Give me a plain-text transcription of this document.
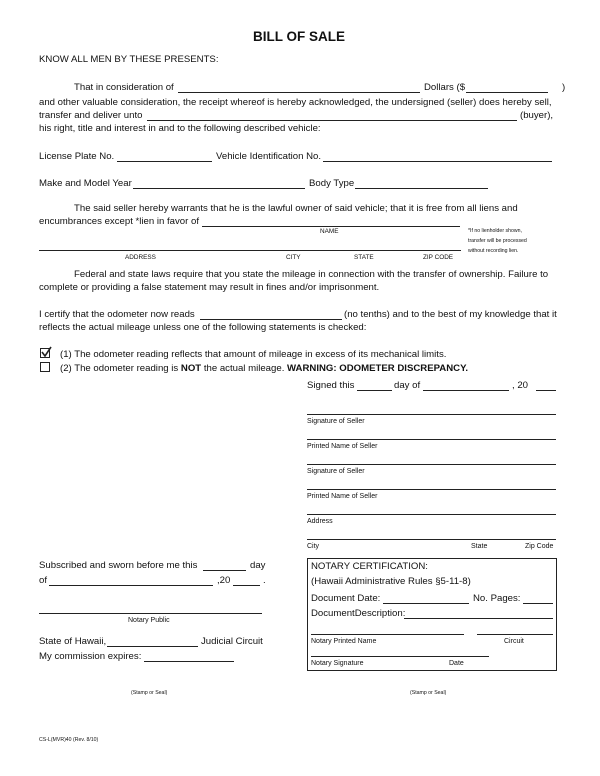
BILL OF SALE
KNOW ALL MEN BY THESE PRESENTS:
That in consideration of	Dollars ($	)
and other valuable consideration, the receipt whereof is hereby acknowledged, the undersigned (seller) does hereby sell,
transfer and deliver unto	(buyer),
his right, title and interest in and to the following described vehicle:
License Plate No.	Vehicle Identification No.
Make and Model Year	Body Type
The said seller hereby warrants that he is the lawful owner of said vehicle; that it is free from all liens and
encumbrances except *lien in favor of
NAME
ADDRESS	CITY	STATE	ZIP CODE
*If no lienholder shown,
transfer will be processed
without recording lien.
Federal and state laws require that you state the mileage in connection with the transfer of ownership. Failure to
complete or providing a false statement may result in fines and/or imprisonment.
I certify that the odometer now reads	(no tenths) and to the best of my knowledge that it
reflects the actual mileage unless one of the following statements is checked:
(1) The odometer reading reflects that amount of mileage in excess of its mechanical limits.
(2) The odometer reading is NOT the actual mileage. WARNING: ODOMETER DISCREPANCY.
Signed this	day of	, 20
Signature of Seller
Printed Name of Seller
Signature of Seller
Printed Name of Seller
Address
City	State	Zip Code
Subscribed and sworn before me this	day
of	,20	.
Notary Public
State of Hawaii,	Judicial Circuit
My commission expires:
(Stamp or Seal)
NOTARY CERTIFICATION:
(Hawaii Administrative Rules §5-11-8)
Document Date:	No. Pages:
DocumentDescription:
Notary Printed Name	Circuit
Notary Signature	Date
(Stamp or Seal)
CS-L(MVR)40 (Rev. 8/10)
